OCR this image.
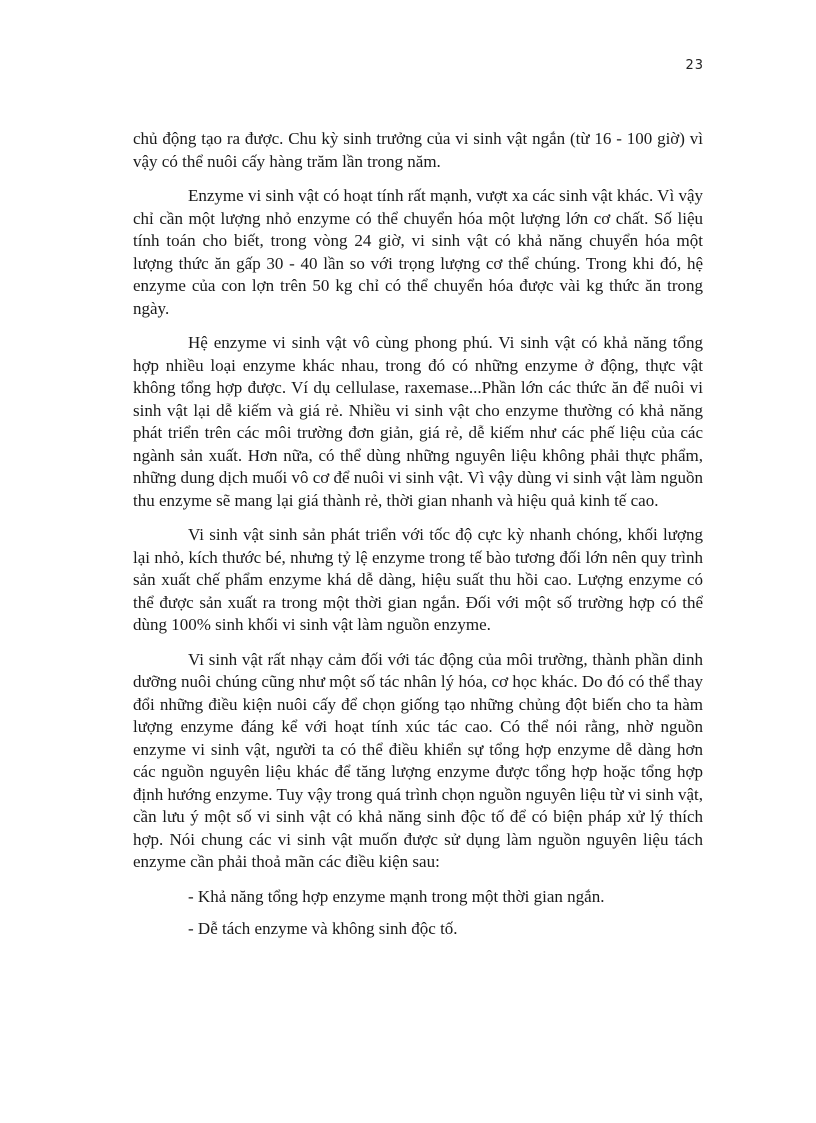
23

chủ động tạo ra được. Chu kỳ sinh trưởng của vi sinh vật ngắn (từ 16 - 100 giờ) vì vậy có thể nuôi cấy hàng trăm lần trong năm.

Enzyme vi sinh vật có hoạt tính rất mạnh, vượt xa các sinh vật khác. Vì vậy chỉ cần một lượng nhỏ enzyme có thể chuyển hóa một lượng lớn cơ chất. Số liệu tính toán cho biết, trong vòng 24 giờ, vi sinh vật có khả năng chuyển hóa một lượng thức ăn gấp 30 - 40 lần so với trọng lượng cơ thể chúng. Trong khi đó, hệ enzyme của con lợn trên 50 kg chỉ có thể chuyển hóa được vài kg thức ăn trong ngày.

Hệ enzyme vi sinh vật vô cùng phong phú. Vi sinh vật có khả năng tổng hợp nhiều loại enzyme khác nhau, trong đó có những enzyme ở động, thực vật không tổng hợp được. Ví dụ cellulase, raxemase...Phần lớn các thức ăn để nuôi vi sinh vật lại dễ kiếm và giá rẻ. Nhiều vi sinh vật cho enzyme thường có khả năng phát triển trên các môi trường đơn giản, giá rẻ, dễ kiếm như các phế liệu của các ngành sản xuất. Hơn nữa, có thể dùng những nguyên liệu không phải thực phẩm, những dung dịch muối vô cơ để nuôi vi sinh vật. Vì vậy dùng vi sinh vật làm nguồn thu enzyme sẽ mang lại giá thành rẻ, thời gian nhanh và hiệu quả kinh tế cao.

Vi sinh vật sinh sản phát triển với tốc độ cực kỳ nhanh chóng, khối lượng lại nhỏ, kích thước bé, nhưng tỷ lệ enzyme trong tế bào tương đối lớn nên quy trình sản xuất chế phẩm enzyme khá dễ dàng, hiệu suất thu hồi cao. Lượng enzyme có thể được sản xuất ra trong một thời gian ngắn. Đối với một số trường hợp có thể dùng 100% sinh khối vi sinh vật làm nguồn enzyme.

Vi sinh vật rất nhạy cảm đối với tác động của môi trường, thành phần dinh dưỡng nuôi chúng cũng như một số tác nhân lý hóa, cơ học khác. Do đó có thể thay đổi những điều kiện nuôi cấy để chọn giống tạo những chủng đột biến cho ta hàm lượng enzyme đáng kể với hoạt tính xúc tác cao. Có thể nói rằng, nhờ nguồn enzyme vi sinh vật, người ta có thể điều khiển sự tổng hợp enzyme dễ dàng hơn các nguồn nguyên liệu khác để tăng lượng enzyme được tổng hợp hoặc tổng hợp định hướng enzyme. Tuy vậy trong quá trình chọn nguồn nguyên liệu từ vi sinh vật, cần lưu ý một số vi sinh vật có khả năng sinh độc tố để có biện pháp xử lý thích hợp. Nói chung các vi sinh vật muốn được sử dụng làm nguồn nguyên liệu tách enzyme cần phải thoả mãn các điều kiện sau:

- Khả năng tổng hợp enzyme mạnh trong một thời gian ngắn.

- Dễ tách enzyme và không sinh độc tố.
